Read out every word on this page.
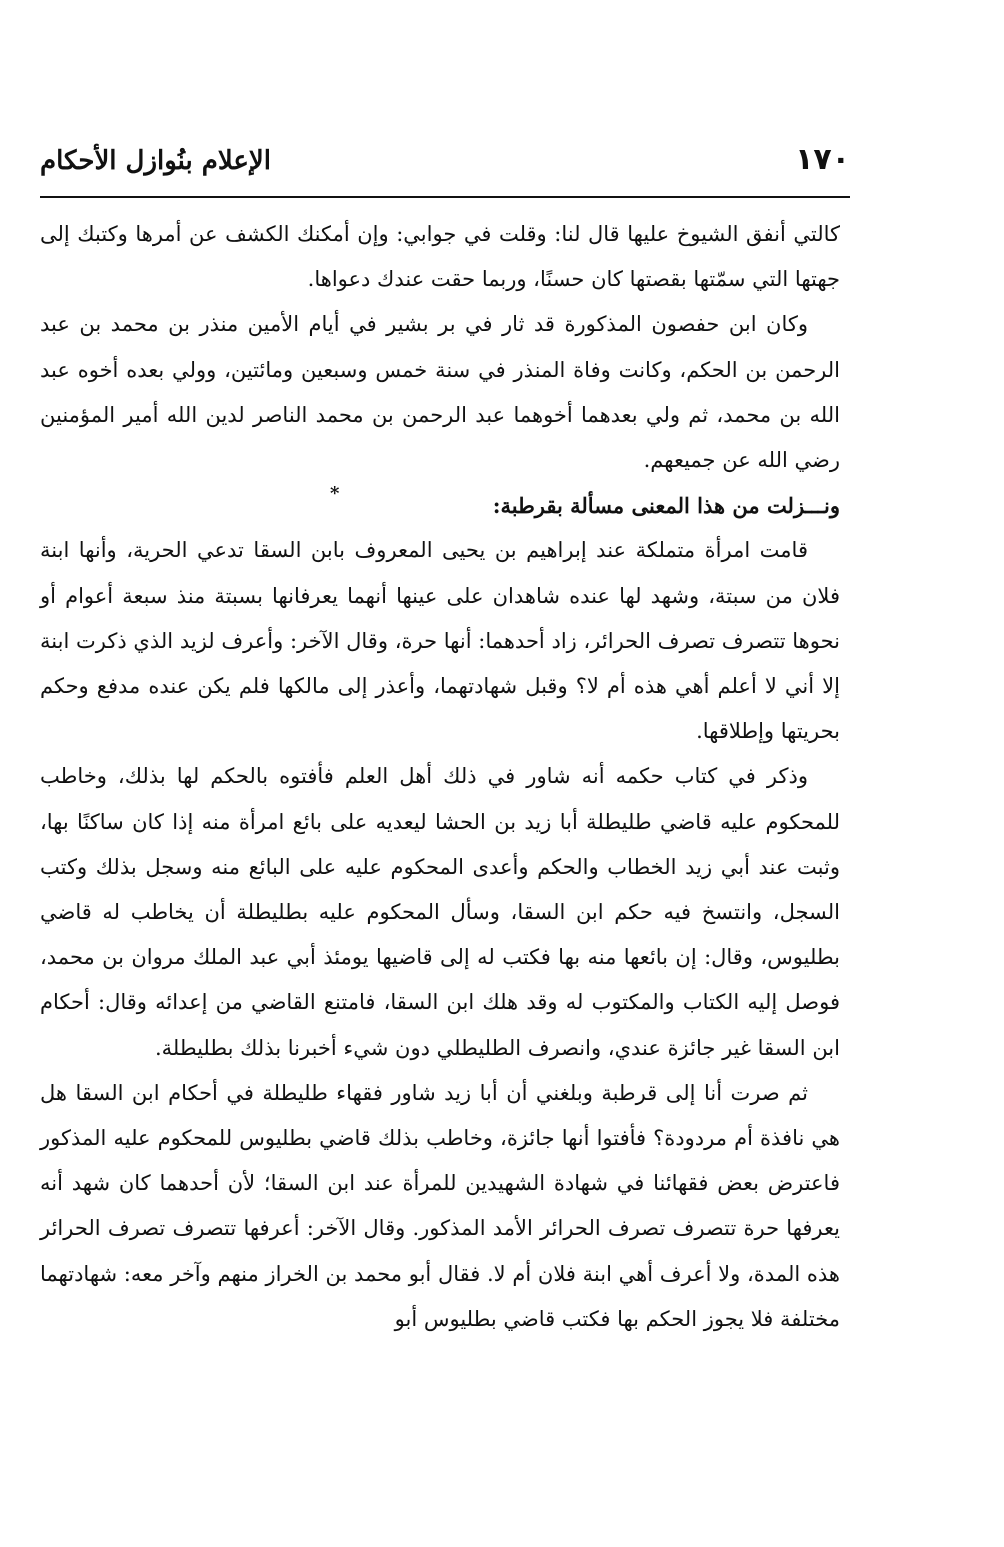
١٧٠
الإعلام بنُوازل الأحكام
*

كالتي أنفق الشيوخ عليها قال لنا: وقلت في جوابي: وإن أمكنك الكشف عن أمرها وكتبك إلى جهتها التي سمّتها بقصتها كان حسنًا، وربما حقت عندك دعواها.

وكان ابن حفصون المذكورة قد ثار في بر بشير في أيام الأمين منذر بن محمد بن عبد الرحمن بن الحكم، وكانت وفاة المنذر في سنة خمس وسبعين ومائتين، وولي بعده أخوه عبد الله بن محمد، ثم ولي بعدهما أخوهما عبد الرحمن بن محمد الناصر لدين الله أمير المؤمنين رضي الله عن جميعهم.

ونـــزلت من هذا المعنى مسألة بقرطبة:

قامت امرأة متملكة عند إبراهيم بن يحيى المعروف بابن السقا تدعي الحرية، وأنها ابنة فلان من سبتة، وشهد لها عنده شاهدان على عينها أنهما يعرفانها بسبتة منذ سبعة أعوام أو نحوها تتصرف تصرف الحرائر، زاد أحدهما: أنها حرة، وقال الآخر: وأعرف لزيد الذي ذكرت ابنة إلا أني لا أعلم أهي هذه أم لا؟ وقبل شهادتهما، وأعذر إلى مالكها فلم يكن عنده مدفع وحكم بحريتها وإطلاقها.

وذكر في كتاب حكمه أنه شاور في ذلك أهل العلم فأفتوه بالحكم لها بذلك، وخاطب للمحكوم عليه قاضي طليطلة أبا زيد بن الحشا ليعديه على بائع امرأة منه إذا كان ساكنًا بها، وثبت عند أبي زيد الخطاب والحكم وأعدى المحكوم عليه على البائع منه وسجل بذلك وكتب السجل، وانتسخ فيه حكم ابن السقا، وسأل المحكوم عليه بطليطلة أن يخاطب له قاضي بطليوس، وقال: إن بائعها منه بها فكتب له إلى قاضيها يومئذ أبي عبد الملك مروان بن محمد، فوصل إليه الكتاب والمكتوب له وقد هلك ابن السقا، فامتنع القاضي من إعدائه وقال: أحكام ابن السقا غير جائزة عندي، وانصرف الطليطلي دون شيء أخبرنا بذلك بطليطلة.

ثم صرت أنا إلى قرطبة وبلغني أن أبا زيد شاور فقهاء طليطلة في أحكام ابن السقا هل هي نافذة أم مردودة؟ فأفتوا أنها جائزة، وخاطب بذلك قاضي بطليوس للمحكوم عليه المذكور فاعترض بعض فقهائنا في شهادة الشهيدين للمرأة عند ابن السقا؛ لأن أحدهما كان شهد أنه يعرفها حرة تتصرف تصرف الحرائر الأمد المذكور. وقال الآخر: أعرفها تتصرف تصرف الحرائر هذه المدة، ولا أعرف أهي ابنة فلان أم لا. فقال أبو محمد بن الخراز منهم وآخر معه: شهادتهما مختلفة فلا يجوز الحكم بها فكتب قاضي بطليوس أبو
